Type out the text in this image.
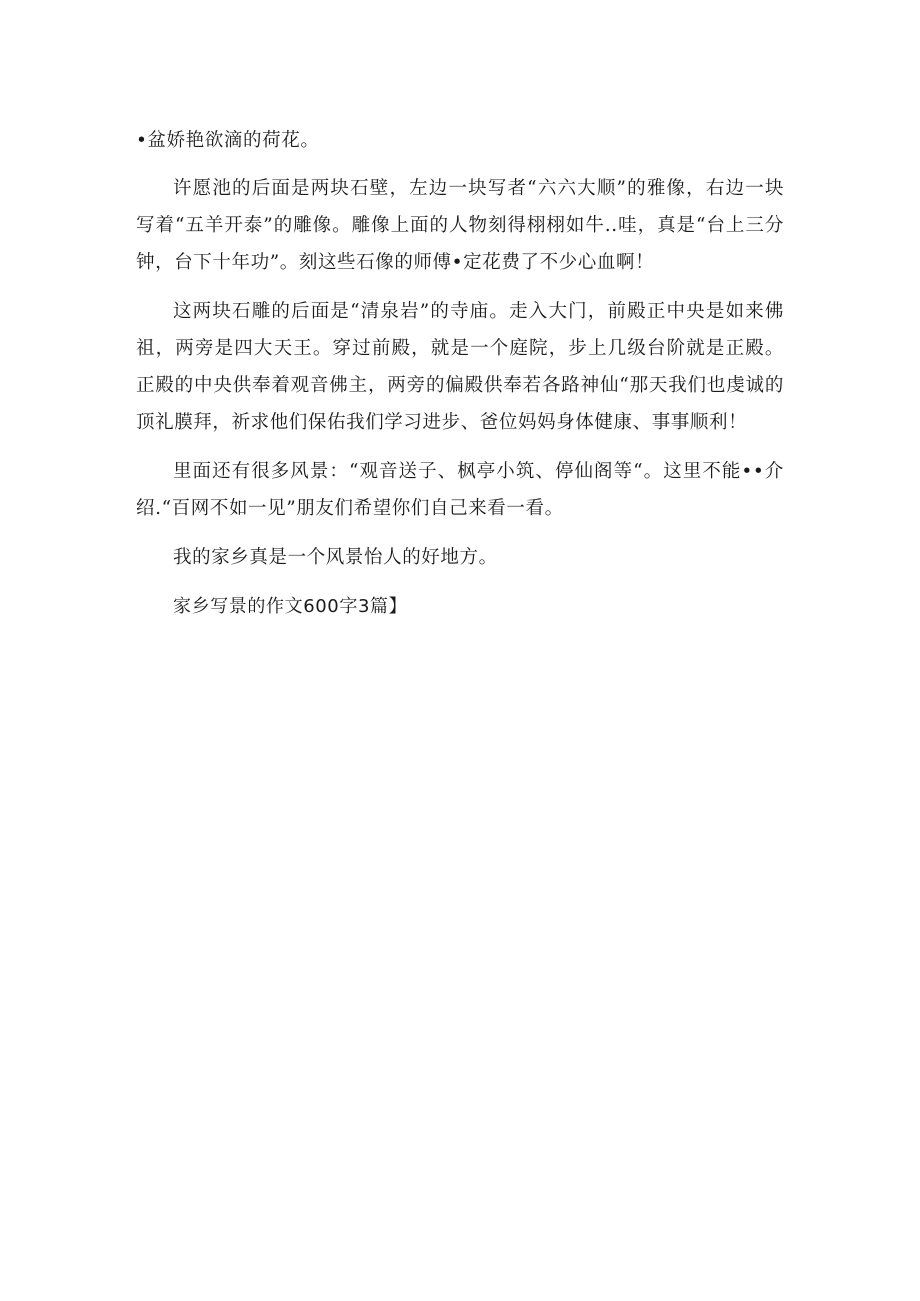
•盆娇艳欲滴的荷花。

许愿池的后面是两块石壁，左边一块写者“六六大顺”的雅像，右边一块写着“五羊开泰”的雕像。雕像上面的人物刻得栩栩如牛..哇，真是“台上三分钟，台下十年功”。刻这些石像的师傅•定花费了不少心血啊！

这两块石雕的后面是“清泉岩”的寺庙。走入大门，前殿正中央是如来佛祖，两旁是四大天王。穿过前殿，就是一个庭院，步上几级台阶就是正殿。正殿的中央供奉着观音佛主，两旁的偏殿供奉若各路神仙“那天我们也虔诚的顶礼膜拜，祈求他们保佑我们学习进步、爸位妈妈身体健康、事事顺利！

里面还有很多风景：“观音送子、枫亭小筑、停仙阁等“。这里不能••介绍.“百网不如一见”朋友们希望你们自己来看一看。

我的家乡真是一个风景怡人的好地方。

家乡写景的作文600字3篇】
